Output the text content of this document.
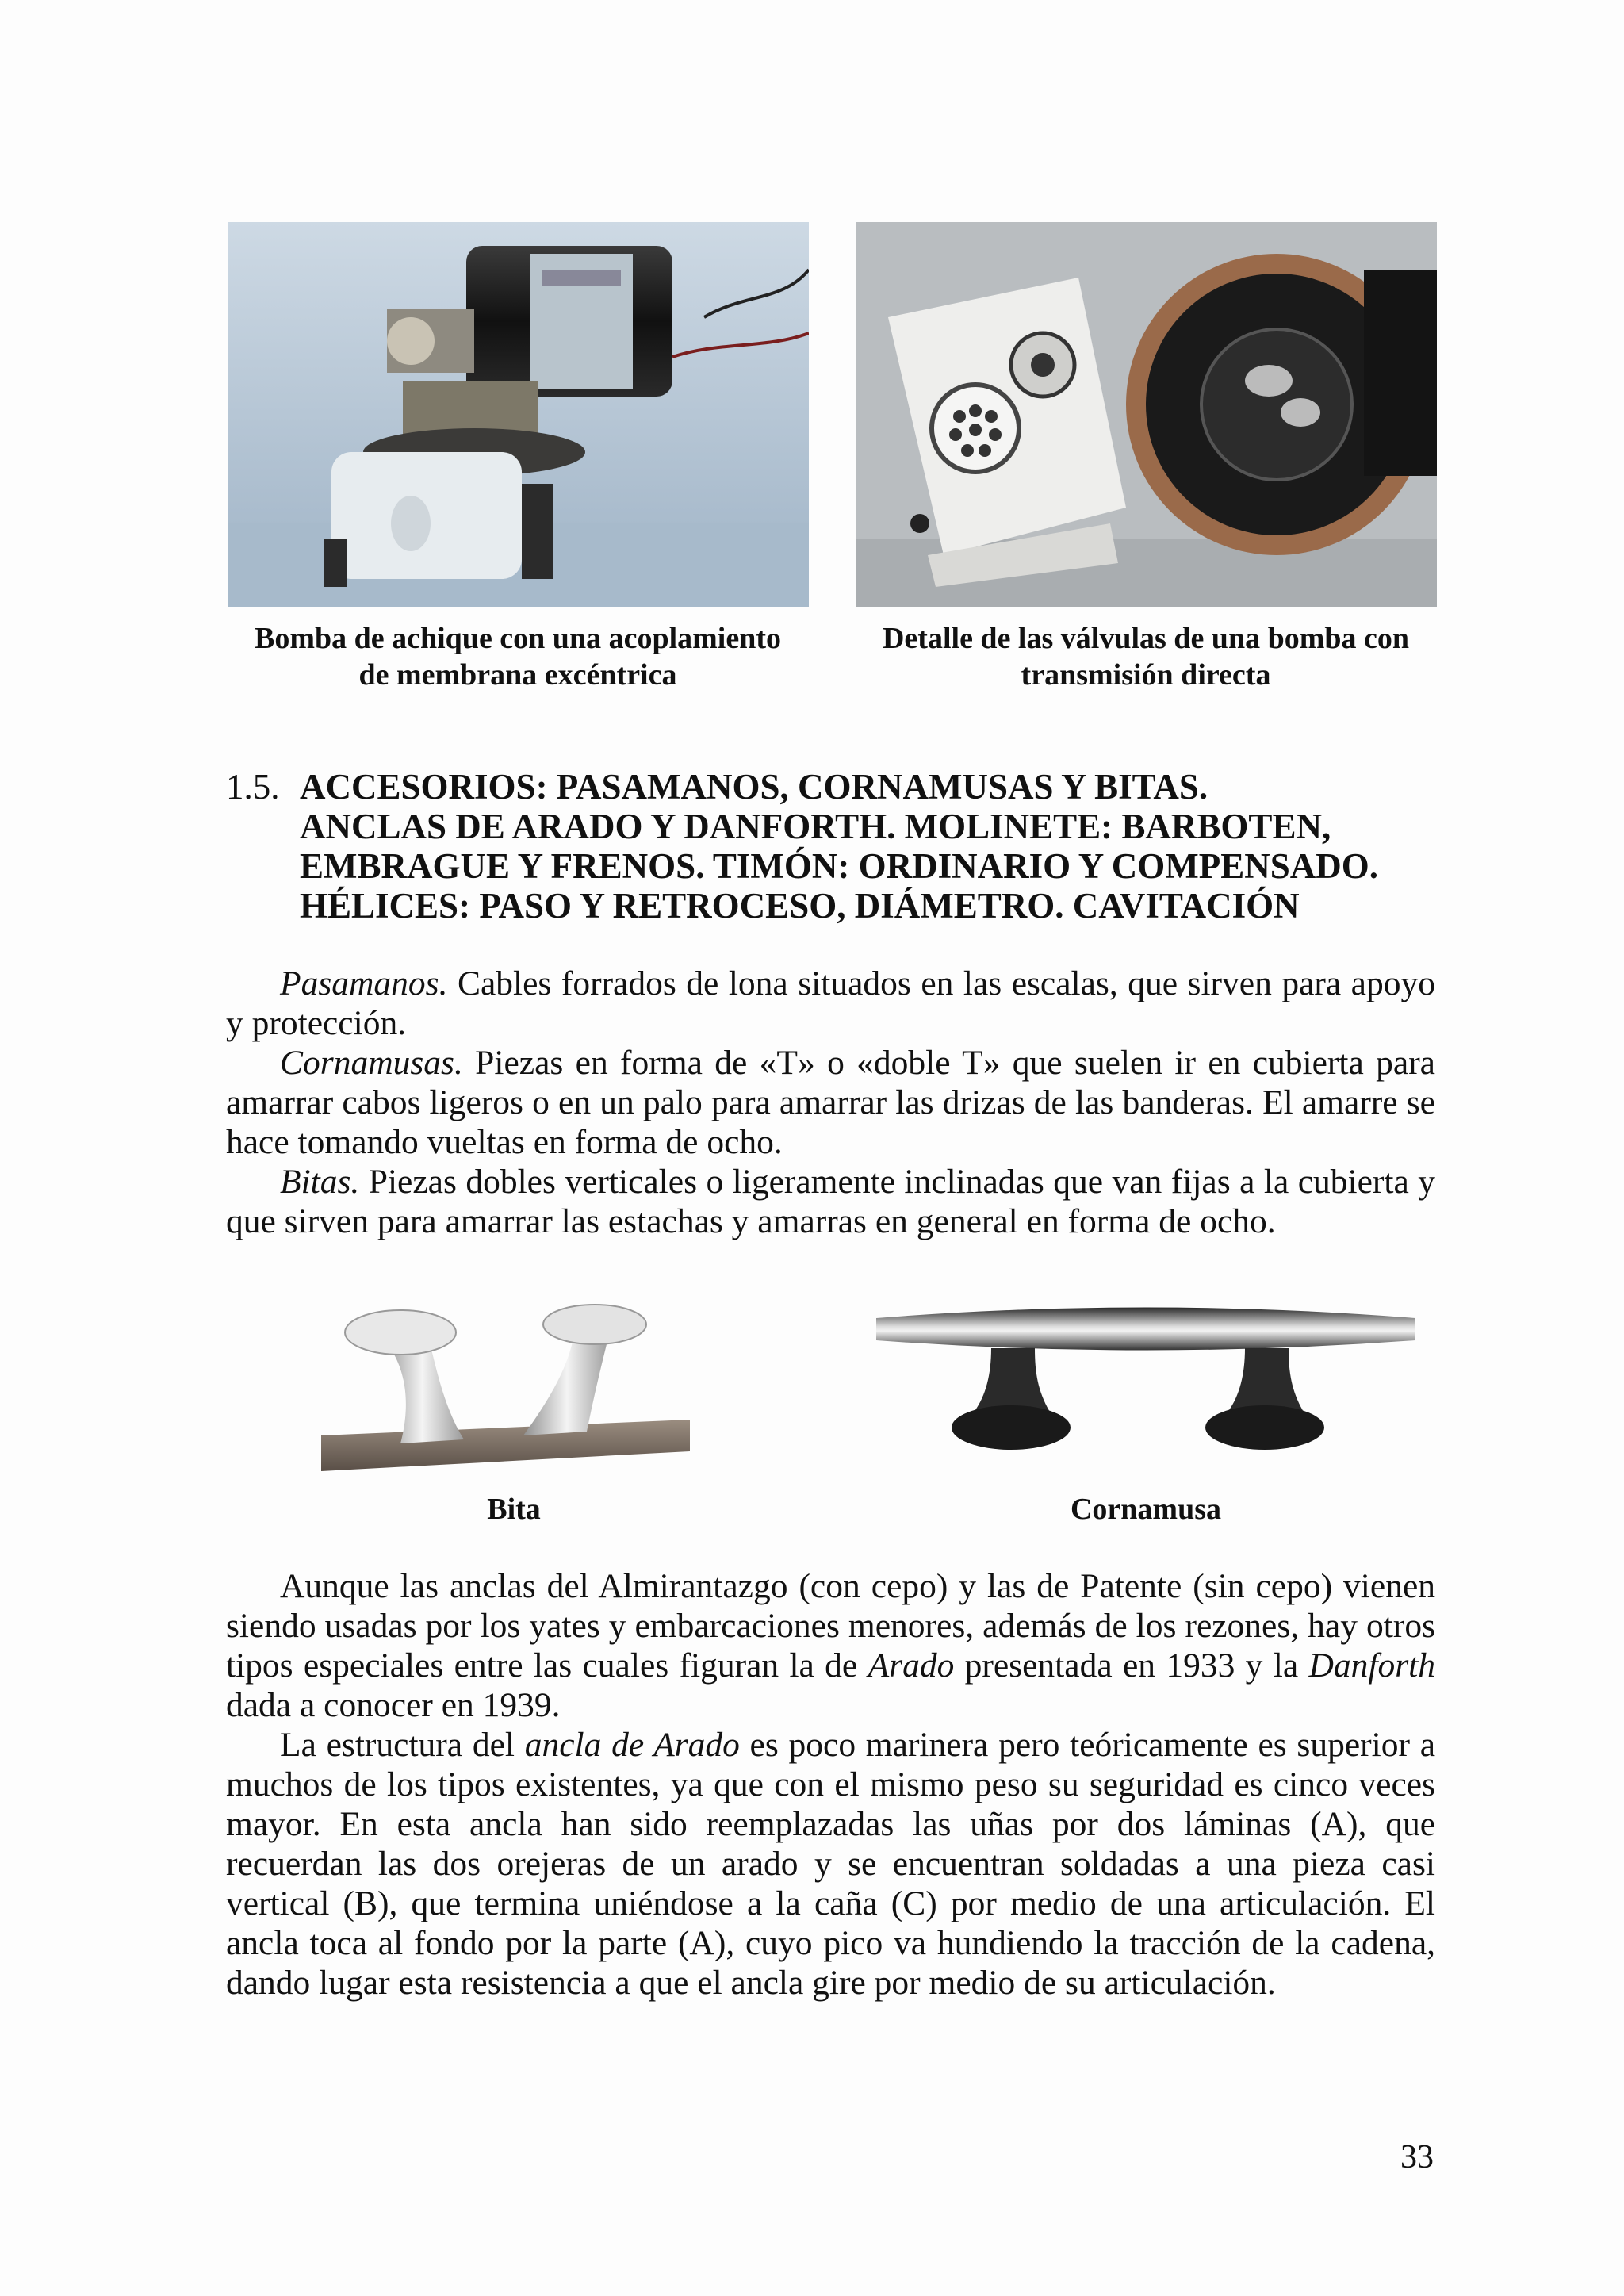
Bomba de achique con una acoplamiento
de membrana excéntrica
Detalle de las válvulas de una bomba con
transmisión directa
1.5. ACCESORIOS: PASAMANOS, CORNAMUSAS Y BITAS.
ANCLAS DE ARADO Y DANFORTH. MOLINETE: BARBOTEN,
EMBRAGUE Y FRENOS. TIMÓN: ORDINARIO Y COMPENSADO.
HÉLICES: PASO Y RETROCESO, DIÁMETRO. CAVITACIÓN

Pasamanos. Cables forrados de lona situados en las escalas, que sirven para apoyo y protección.

Cornamusas. Piezas en forma de «T» o «doble T» que suelen ir en cubierta para amarrar cabos ligeros o en un palo para amarrar las drizas de las banderas. El amarre se hace tomando vueltas en forma de ocho.

Bitas. Piezas dobles verticales o ligeramente inclinadas que van fijas a la cubierta y que sirven para amarrar las estachas y amarras en general en forma de ocho.

Bita	Cornamusa

Aunque las anclas del Almirantazgo (con cepo) y las de Patente (sin cepo) vienen siendo usadas por los yates y embarcaciones menores, además de los rezones, hay otros tipos especiales entre las cuales figuran la de Arado presentada en 1933 y la Danforth dada a conocer en 1939.

La estructura del ancla de Arado es poco marinera pero teóricamente es superior a muchos de los tipos existentes, ya que con el mismo peso su seguridad es cinco veces mayor. En esta ancla han sido reemplazadas las uñas por dos láminas (A), que recuerdan las dos orejeras de un arado y se encuentran soldadas a una pieza casi vertical (B), que termina uniéndose a la caña (C) por medio de una articulación. El ancla toca al fondo por la parte (A), cuyo pico va hundiendo la tracción de la cadena, dando lugar esta resistencia a que el ancla gire por medio de su articulación.

33
